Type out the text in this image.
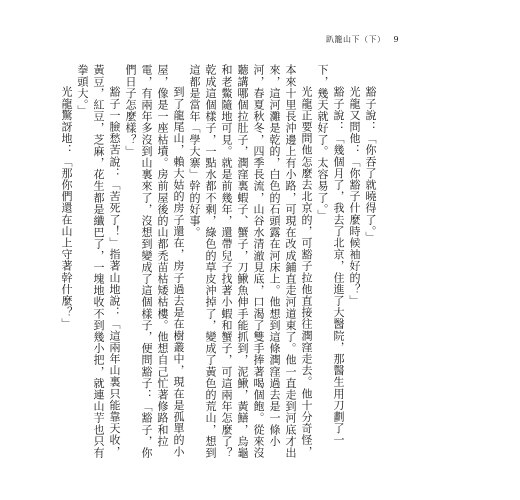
趴籠山下（下） 9

豁子說：「你吞了就曉得了。」

光龍又問他：「你豁子什麼時候袖好的？」

豁子說：「幾個月了，我去了北京，住進了大醫院，那醫生用刀劃了一下，幾天就好了。太容易了。」

光龍正要問他怎麼去北京的，可豁子拉他直接往潤窪走去。他十分奇怪，本來十里長沖邊上有小路，可現在改成鋪直走河道東了。他一直走到河底才出來，這河灘是乾的，白色的石頭露在河床上。他想到這條潤窪過去是一條小河，春夏秋冬，四季長流，山谷水清澈見底，口渴了雙手捧著喝個飽。從來沒聽講哪個拉肚子，潤窪裏蝦子、蟹子，刀鰍魚伸手能抓到，泥鰍，黃鱔，烏龜和老鱉隨地可見。就是前幾年，還帶兒子找著小蝦和蟹子，可這兩年怎麼了？乾成這個樣子，一點水都不剩，綠色的草皮沖掉了，變成了黃色的荒山，想到這都是當年「學大寨」幹的好事。

到了龍尾山，賴大姑的房子還在，房子過去是在樹叢中，現在是孤單的小屋，像是一座枯墳。房前屋後的山都禿苗枯矮枯樓。他想自己忙著修路和拉電，有兩年多沒到山裏來了，沒想到變成了這個樣子，便問豁子：「豁子，你們日子怎麼樣？」

豁子一臉愁苦說：「苦死了！」指著山地說：「這兩年山裏只能靠天收，黃豆，紅豆，芝麻，花生都是纖巴了，一塊地收不到幾小把，就連山芋也只有拳頭大。」

光龍驚訝地：「那你們還在山上守著幹什麼？」
